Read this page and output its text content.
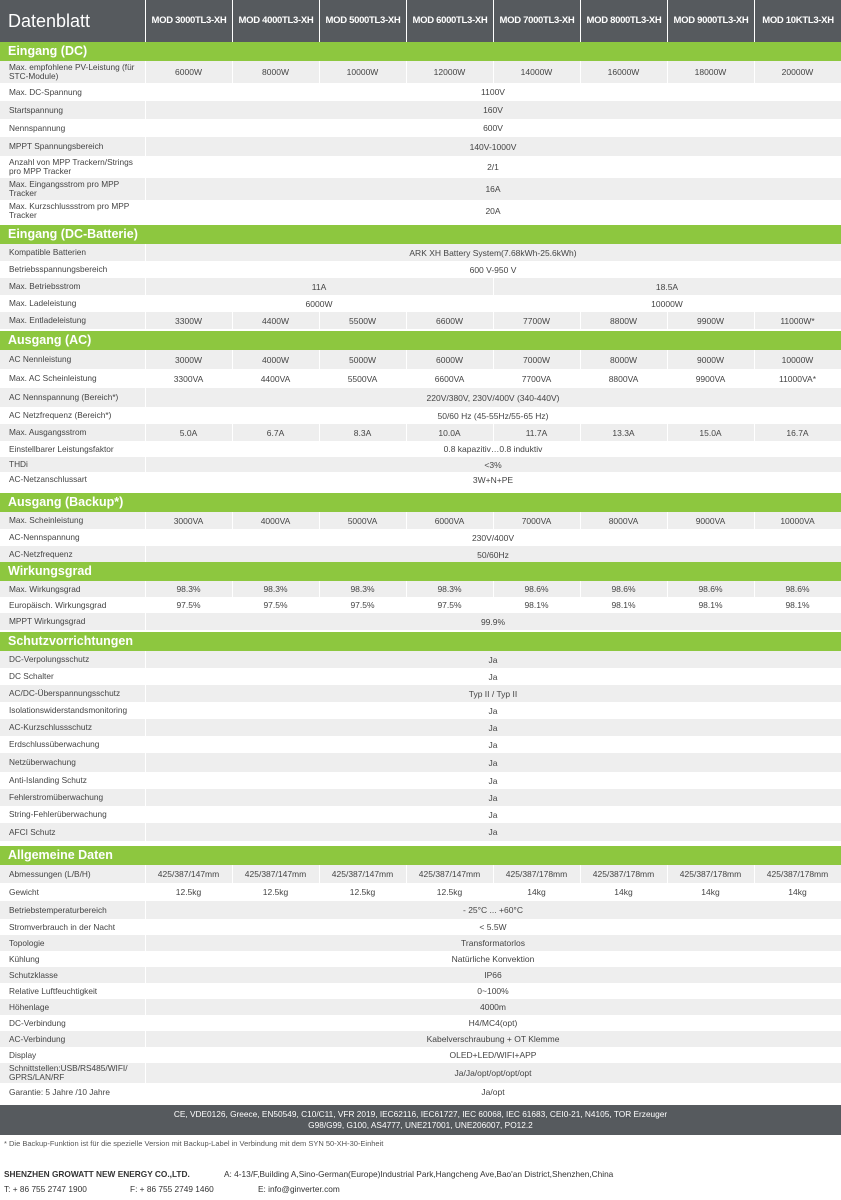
Datenblatt	MOD 3000TL3-XH	MOD 4000TL3-XH	MOD 5000TL3-XH	MOD 6000TL3-XH	MOD 7000TL3-XH	MOD 8000TL3-XH	MOD 9000TL3-XH	MOD 10KTL3-XH
Eingang (DC)
Max. empfohlene PV-Leistung (für STC-Module)	6000W	8000W	10000W	12000W	14000W	16000W	18000W	20000W
Max. DC-Spannung	1100V
Startspannung	160V
Nennspannung	600V
MPPT Spannungsbereich	140V-1000V
Anzahl von MPP Trackern/Strings pro MPP Tracker	2/1
Max. Eingangsstrom pro MPP Tracker	16A
Max. Kurzschlussstrom pro MPP Tracker	20A
Eingang (DC-Batterie)
Kompatible Batterien	ARK XH Battery System(7.68kWh-25.6kWh)
Betriebsspannungsbereich	600 V-950 V
Max. Betriebsstrom	11A	18.5A
Max. Ladeleistung	6000W	10000W
Max. Entladeleistung	3300W	4400W	5500W	6600W	7700W	8800W	9900W	11000W*
Ausgang (AC)
AC Nennleistung	3000W	4000W	5000W	6000W	7000W	8000W	9000W	10000W
Max. AC Scheinleistung	3300VA	4400VA	5500VA	6600VA	7700VA	8800VA	9900VA	11000VA*
AC Nennspannung (Bereich*)	220V/380V, 230V/400V (340-440V)
AC Netzfrequenz (Bereich*)	50/60 Hz (45-55Hz/55-65 Hz)
Max. Ausgangsstrom	5.0A	6.7A	8.3A	10.0A	11.7A	13.3A	15.0A	16.7A
Einstellbarer Leistungsfaktor	0.8 kapazitiv…0.8 induktiv
THDi	<3%
AC-Netzanschlussart	3W+N+PE
Ausgang (Backup*)
Max. Scheinleistung	3000VA	4000VA	5000VA	6000VA	7000VA	8000VA	9000VA	10000VA
AC-Nennspannung	230V/400V
AC-Netzfrequenz	50/60Hz
Wirkungsgrad
Max. Wirkungsgrad	98.3%	98.3%	98.3%	98.3%	98.6%	98.6%	98.6%	98.6%
Europäisch. Wirkungsgrad	97.5%	97.5%	97.5%	97.5%	98.1%	98.1%	98.1%	98.1%
MPPT Wirkungsgrad	99.9%
Schutzvorrichtungen
DC-Verpolungsschutz	Ja
DC Schalter	Ja
AC/DC-Überspannungsschutz	Typ II / Typ II
Isolationswiderstandsmonitoring	Ja
AC-Kurzschlussschutz	Ja
Erdschlussüberwachung	Ja
Netzüberwachung	Ja
Anti-Islanding Schutz	Ja
Fehlerstromüberwachung	Ja
String-Fehlerüberwachung	Ja
AFCI Schutz	Ja
Allgemeine Daten
Abmessungen (L/B/H)	425/387/147mm	425/387/147mm	425/387/147mm	425/387/147mm	425/387/178mm	425/387/178mm	425/387/178mm	425/387/178mm
Gewicht	12.5kg	12.5kg	12.5kg	12.5kg	14kg	14kg	14kg	14kg
Betriebstemperaturbereich	- 25°C ... +60°C
Stromverbrauch in der Nacht	< 5.5W
Topologie	Transformatorlos
Kühlung	Natürliche Konvektion
Schutzklasse	IP66
Relative Luftfeuchtigkeit	0~100%
Höhenlage	4000m
DC-Verbindung	H4/MC4(opt)
AC-Verbindung	Kabelverschraubung + OT Klemme
Display	OLED+LED/WIFI+APP
Schnittstellen:USB/RS485/WIFI/ GPRS/LAN/RF	Ja/Ja/opt/opt/opt/opt
Garantie: 5 Jahre /10 Jahre	Ja/opt
CE, VDE0126, Greece, EN50549, C10/C11, VFR 2019, IEC62116, IEC61727, IEC 60068, IEC 61683, CEI0-21, N4105, TOR Erzeuger
G98/G99, G100, AS4777, UNE217001, UNE206007, PO12.2
* Die Backup-Funktion ist für die spezielle Version mit Backup-Label in Verbindung mit dem SYN 50-XH-30-Einheit
SHENZHEN GROWATT NEW ENERGY CO.,LTD.	A: 4-13/F,Building A,Sino-German(Europe)Industrial Park,Hangcheng Ave,Bao'an District,Shenzhen,China
T: + 86 755 2747 1900	F: + 86 755 2749 1460	E: info@ginverter.com
